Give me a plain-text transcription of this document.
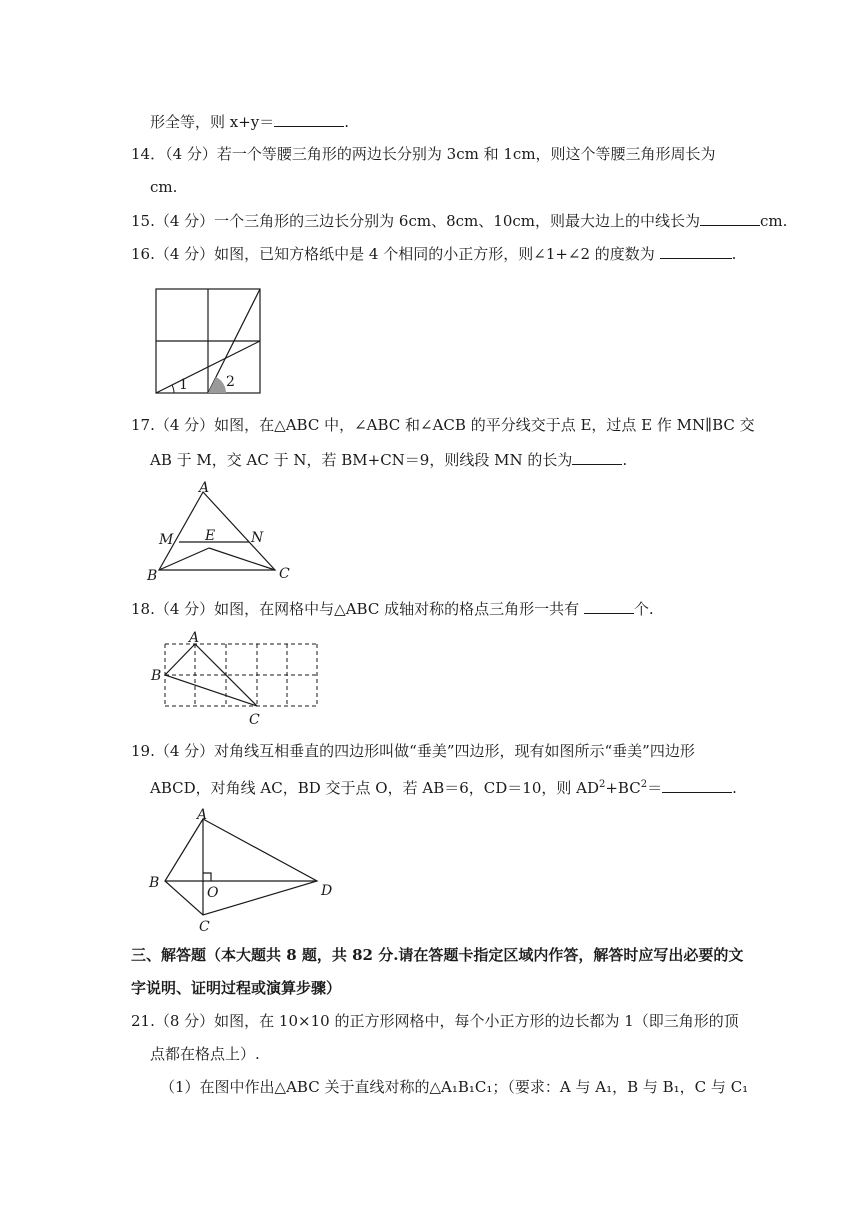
形全等，则 x+y＝	.
14．（4 分）若一个等腰三角形的两边长分别为 3cm 和 1cm，则这个等腰三角形周长为
cm.
15.（4 分）一个三角形的三边长分别为 6cm、8cm、10cm，则最大边上的中线长为	cm.
16.（4 分）如图，已知方格纸中是 4 个相同的小正方形，则∠1+∠2 的度数为	.
1	2
17.（4 分）如图，在△ABC 中，∠ABC 和∠ACB 的平分线交于点 E，过点 E 作 MN∥BC 交
AB 于 M，交 AC 于 N，若 BM+CN＝9，则线段 MN 的长为	.
A
M E	N
B	C
18.（4 分）如图，在网格中与△ABC 成轴对称的格点三角形一共有	个.
A
B
C
19.（4 分）对角线互相垂直的四边形叫做“垂美”四边形，现有如图所示“垂美”四边形
ABCD，对角线 AC，BD 交于点 O，若 AB＝6，CD＝10，则 $AD^2+BC^2=$	.
A
B
O	D
C
三、解答题（本大题共 8 题，共 82 分.请在答题卡指定区域内作答，解答时应写出必要的文
字说明、证明过程或演算步骤）
21.（8 分）如图，在 10×10 的正方形网格中，每个小正方形的边长都为 1（即三角形的顶
点都在格点上）.
（1）在图中作出△ABC 关于直线对称的△A₁B₁C₁；（要求：A 与 A₁，B 与 B₁，C 与 C₁
